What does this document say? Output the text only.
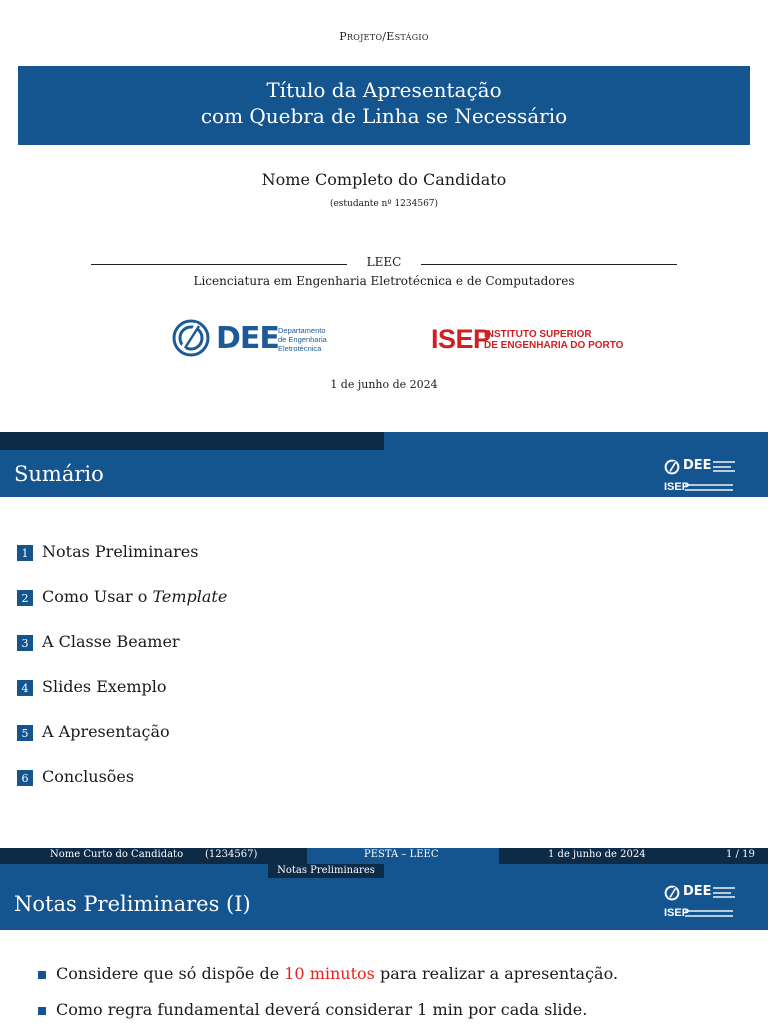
Projeto/Estágio
Título da Apresentação
com Quebra de Linha se Necessário
Nome Completo do Candidato
(estudante nº 1234567)
LEEC
Licenciatura em Engenharia Eletrotécnica e de Computadores
DEE Departamento
de Engenharia
Eletrotécnica	ISEP
INSTITUTO SUPERIOR
DE ENGENHARIA DO PORTO
1 de junho de 2024
Sumário	DEE
ISEP
1 Notas Preliminares
2 Como Usar o Template
3 A Classe Beamer
4 Slides Exemplo
5 A Apresentação
6 Conclusões
Nome Curto do Candidato (1234567)	PESTA – LEEC	1 de junho de 2024	1 / 19
Notas Preliminares
Notas Preliminares (I)
DEE
ISEP
Considere que só dispõe de 10 minutos para realizar a apresentação.
Como regra fundamental deverá considerar 1 min por cada slide.
